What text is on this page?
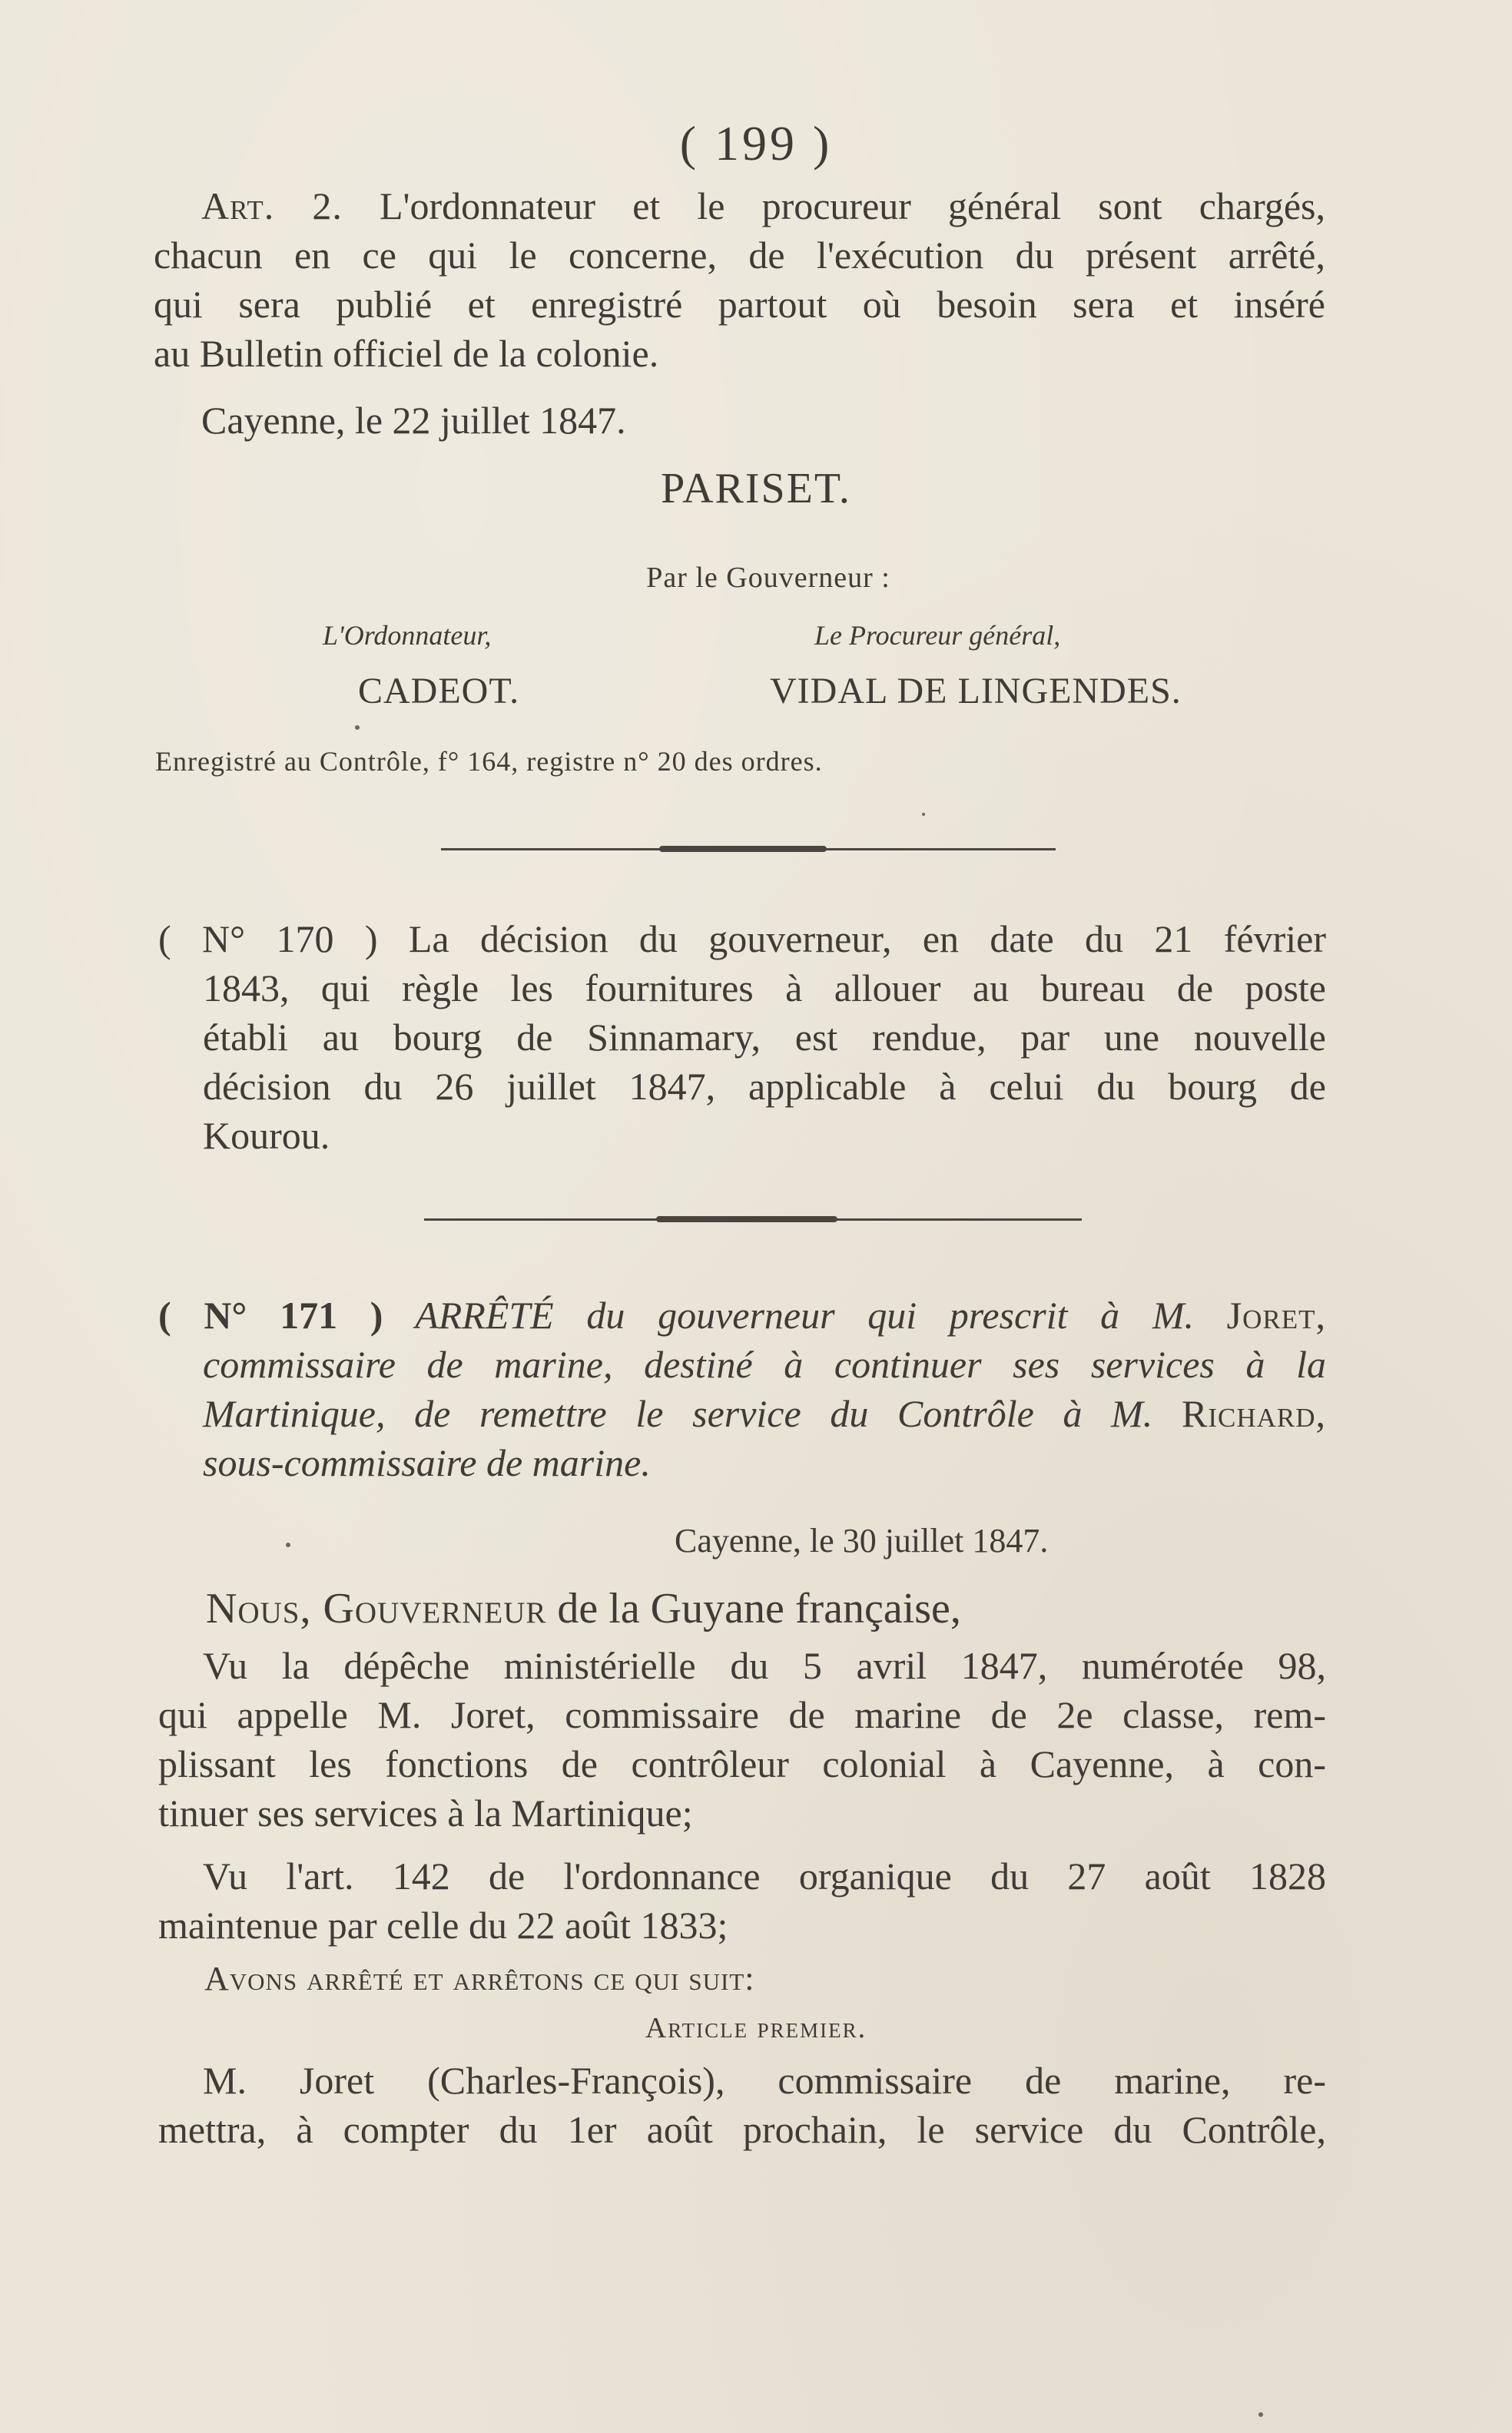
( 199 )
Art. 2. L'ordonnateur et le procureur général sont chargés,
chacun en ce qui le concerne, de l'exécution du présent arrêté,
qui sera publié et enregistré partout où besoin sera et inséré
au Bulletin officiel de la colonie.
Cayenne, le 22 juillet 1847.
PARISET.
Par le Gouverneur :
L'Ordonnateur,	Le Procureur général,
CADEOT.	VIDAL DE LINGENDES.
Enregistré au Contrôle, f° 164, registre n° 20 des ordres.
( N° 170 ) La décision du gouverneur, en date du 21 février
1843, qui règle les fournitures à allouer au bureau de poste
établi au bourg de Sinnamary, est rendue, par une nouvelle
décision du 26 juillet 1847, applicable à celui du bourg de
Kourou.
( N° 171 ) ARRÊTÉ du gouverneur qui prescrit à M. Joret,
commissaire de marine, destiné à continuer ses services à la
Martinique, de remettre le service du Contrôle à M. Richard,
sous-commissaire de marine.
Cayenne, le 30 juillet 1847.
Nous, Gouverneur de la Guyane française,
Vu la dépêche ministérielle du 5 avril 1847, numérotée 98,
qui appelle M. Joret, commissaire de marine de 2e classe, rem-
plissant les fonctions de contrôleur colonial à Cayenne, à con-
tinuer ses services à la Martinique;
Vu l'art. 142 de l'ordonnance organique du 27 août 1828
maintenue par celle du 22 août 1833;
Avons arrêté et arrêtons ce qui suit:
Article premier.
M. Joret (Charles-François), commissaire de marine, re-
mettra, à compter du 1er août prochain, le service du Contrôle,
